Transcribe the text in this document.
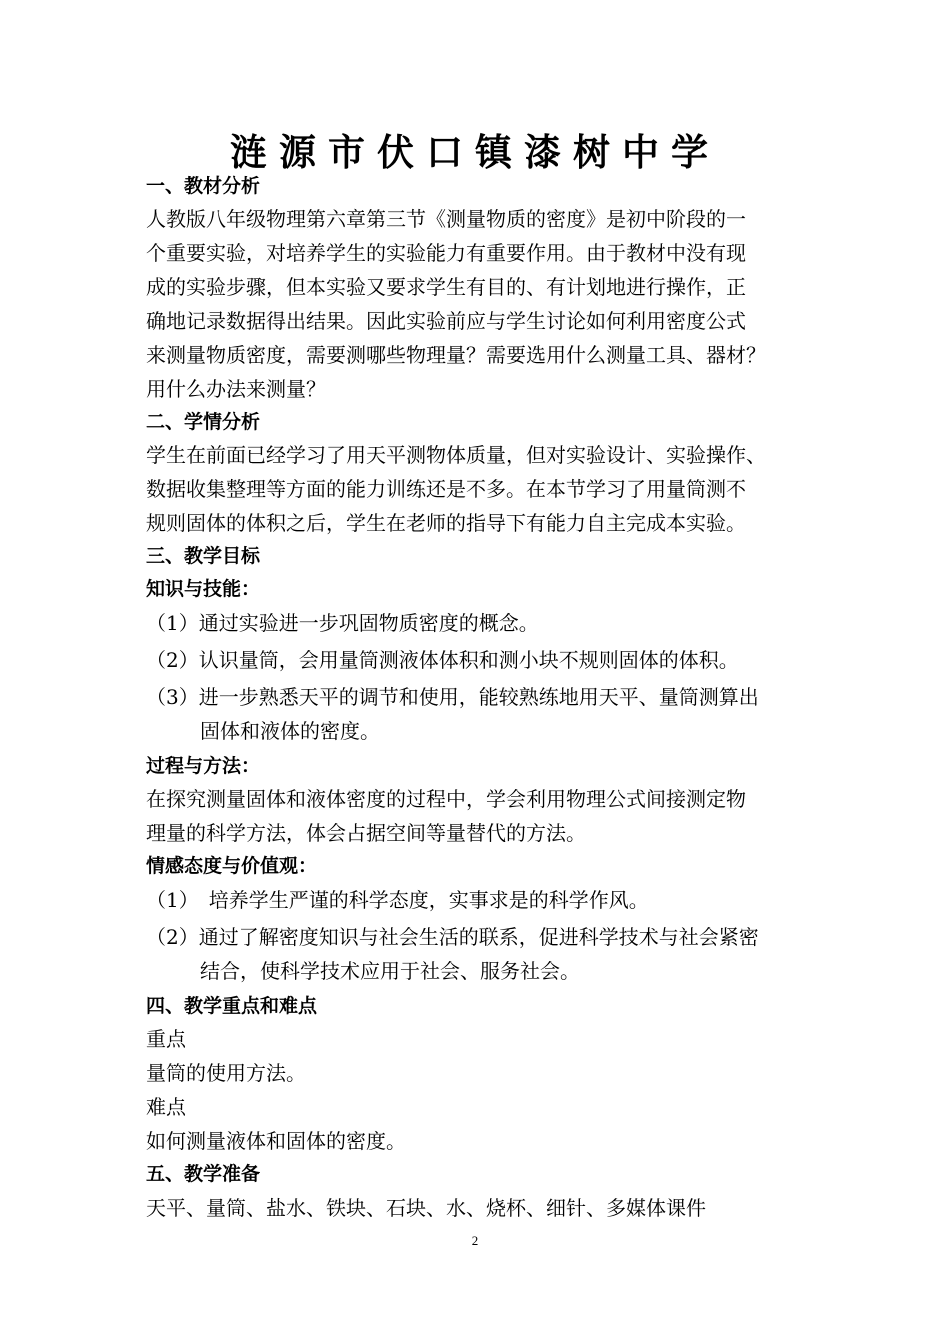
涟源市伏口镇漆树中学
一、教材分析
人教版八年级物理第六章第三节《测量物质的密度》是初中阶段的一
个重要实验，对培养学生的实验能力有重要作用。由于教材中没有现
成的实验步骤，但本实验又要求学生有目的、有计划地进行操作，正
确地记录数据得出结果。因此实验前应与学生讨论如何利用密度公式
来测量物质密度，需要测哪些物理量？需要选用什么测量工具、器材？
用什么办法来测量？
二、学情分析
学生在前面已经学习了用天平测物体质量，但对实验设计、实验操作、
数据收集整理等方面的能力训练还是不多。在本节学习了用量筒测不
规则固体的体积之后，学生在老师的指导下有能力自主完成本实验。
三、教学目标
知识与技能：
（1）通过实验进一步巩固物质密度的概念。
（2）认识量筒，会用量筒测液体体积和测小块不规则固体的体积。
（3）进一步熟悉天平的调节和使用，能较熟练地用天平、量筒测算出
固体和液体的密度。
过程与方法：
在探究测量固体和液体密度的过程中，学会利用物理公式间接测定物
理量的科学方法，体会占据空间等量替代的方法。
情感态度与价值观：
（1）　培养学生严谨的科学态度，实事求是的科学作风。
（2）通过了解密度知识与社会生活的联系，促进科学技术与社会紧密
结合，使科学技术应用于社会、服务社会。
四、教学重点和难点
重点
量筒的使用方法。
难点
如何测量液体和固体的密度。
五、教学准备
天平、量筒、盐水、铁块、石块、水、烧杯、细针、多媒体课件
2
